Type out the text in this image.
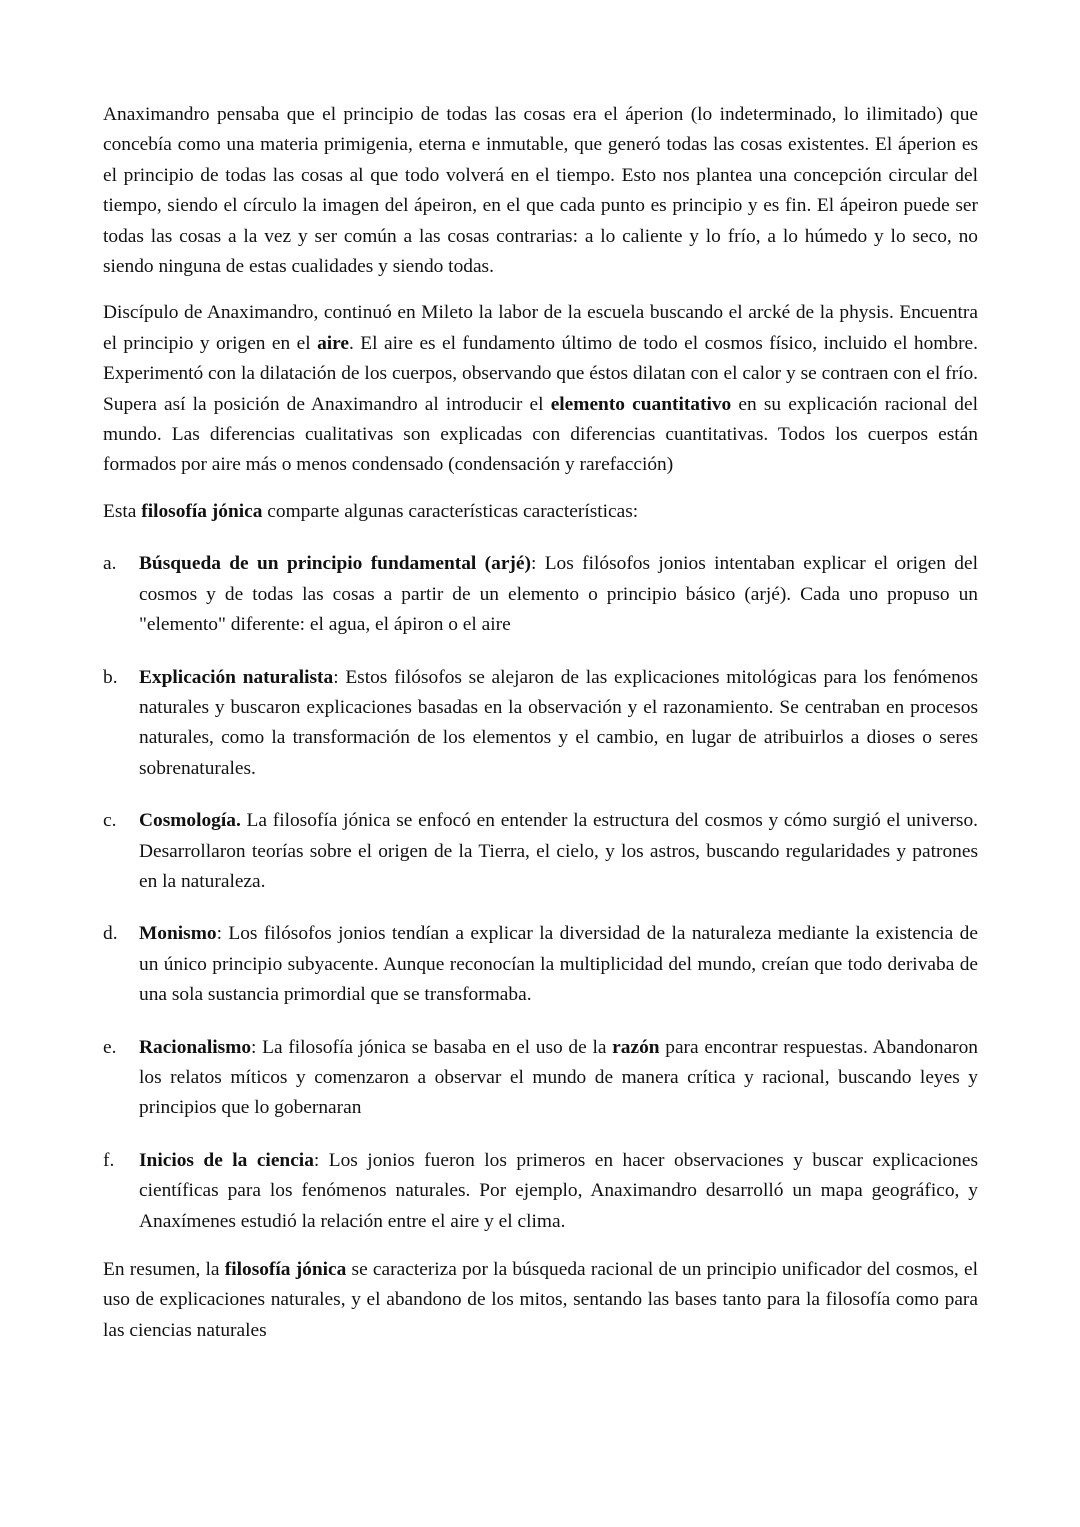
Anaximandro pensaba que el principio de todas las cosas era el áperion (lo indeterminado, lo ilimitado) que concebía como una materia primigenia, eterna e inmutable, que generó todas las cosas existentes. El áperion es el principio de todas las cosas al que todo volverá en el tiempo. Esto nos plantea una concepción circular del tiempo, siendo el círculo la imagen del ápeiron, en el que cada punto es principio y es fin. El ápeiron puede ser todas las cosas a la vez y ser común a las cosas contrarias: a lo caliente y lo frío, a lo húmedo y lo seco, no siendo ninguna de estas cualidades y siendo todas.

Discípulo de Anaximandro, continuó en Mileto la labor de la escuela buscando el arcké de la physis. Encuentra el principio y origen en el aire. El aire es el fundamento último de todo el cosmos físico, incluido el hombre. Experimentó con la dilatación de los cuerpos, observando que éstos dilatan con el calor y se contraen con el frío. Supera así la posición de Anaximandro al introducir el elemento cuantitativo en su explicación racional del mundo. Las diferencias cualitativas son explicadas con diferencias cuantitativas. Todos los cuerpos están formados por aire más o menos condensado (condensación y rarefacción)

Esta filosofía jónica comparte algunas características características:

a. Búsqueda de un principio fundamental (arjé): Los filósofos jonios intentaban explicar el origen del cosmos y de todas las cosas a partir de un elemento o principio básico (arjé). Cada uno propuso un "elemento" diferente: el agua, el ápiron o el aire
b. Explicación naturalista: Estos filósofos se alejaron de las explicaciones mitológicas para los fenómenos naturales y buscaron explicaciones basadas en la observación y el razonamiento. Se centraban en procesos naturales, como la transformación de los elementos y el cambio, en lugar de atribuirlos a dioses o seres sobrenaturales.
c. Cosmología. La filosofía jónica se enfocó en entender la estructura del cosmos y cómo surgió el universo. Desarrollaron teorías sobre el origen de la Tierra, el cielo, y los astros, buscando regularidades y patrones en la naturaleza.
d. Monismo: Los filósofos jonios tendían a explicar la diversidad de la naturaleza mediante la existencia de un único principio subyacente. Aunque reconocían la multiplicidad del mundo, creían que todo derivaba de una sola sustancia primordial que se transformaba.
e. Racionalismo: La filosofía jónica se basaba en el uso de la razón para encontrar respuestas. Abandonaron los relatos míticos y comenzaron a observar el mundo de manera crítica y racional, buscando leyes y principios que lo gobernaran
f. Inicios de la ciencia: Los jonios fueron los primeros en hacer observaciones y buscar explicaciones científicas para los fenómenos naturales. Por ejemplo, Anaximandro desarrolló un mapa geográfico, y Anaxímenes estudió la relación entre el aire y el clima.

En resumen, la filosofía jónica se caracteriza por la búsqueda racional de un principio unificador del cosmos, el uso de explicaciones naturales, y el abandono de los mitos, sentando las bases tanto para la filosofía como para las ciencias naturales
